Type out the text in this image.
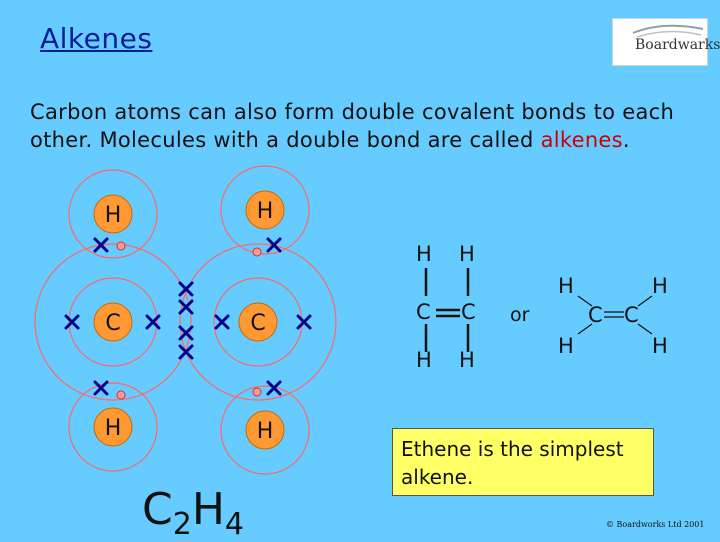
Alkenes	Boardwarks
Carbon atoms can also form double covalent bonds to each other. Molecules with a double bond are called alkenes.
H	H
C	C
H	H
$C_2H_4$
H H
C C
H H
or
H	H
C C
H	H
Ethene is the simplest alkene.
© Boardworks Ltd 2001
